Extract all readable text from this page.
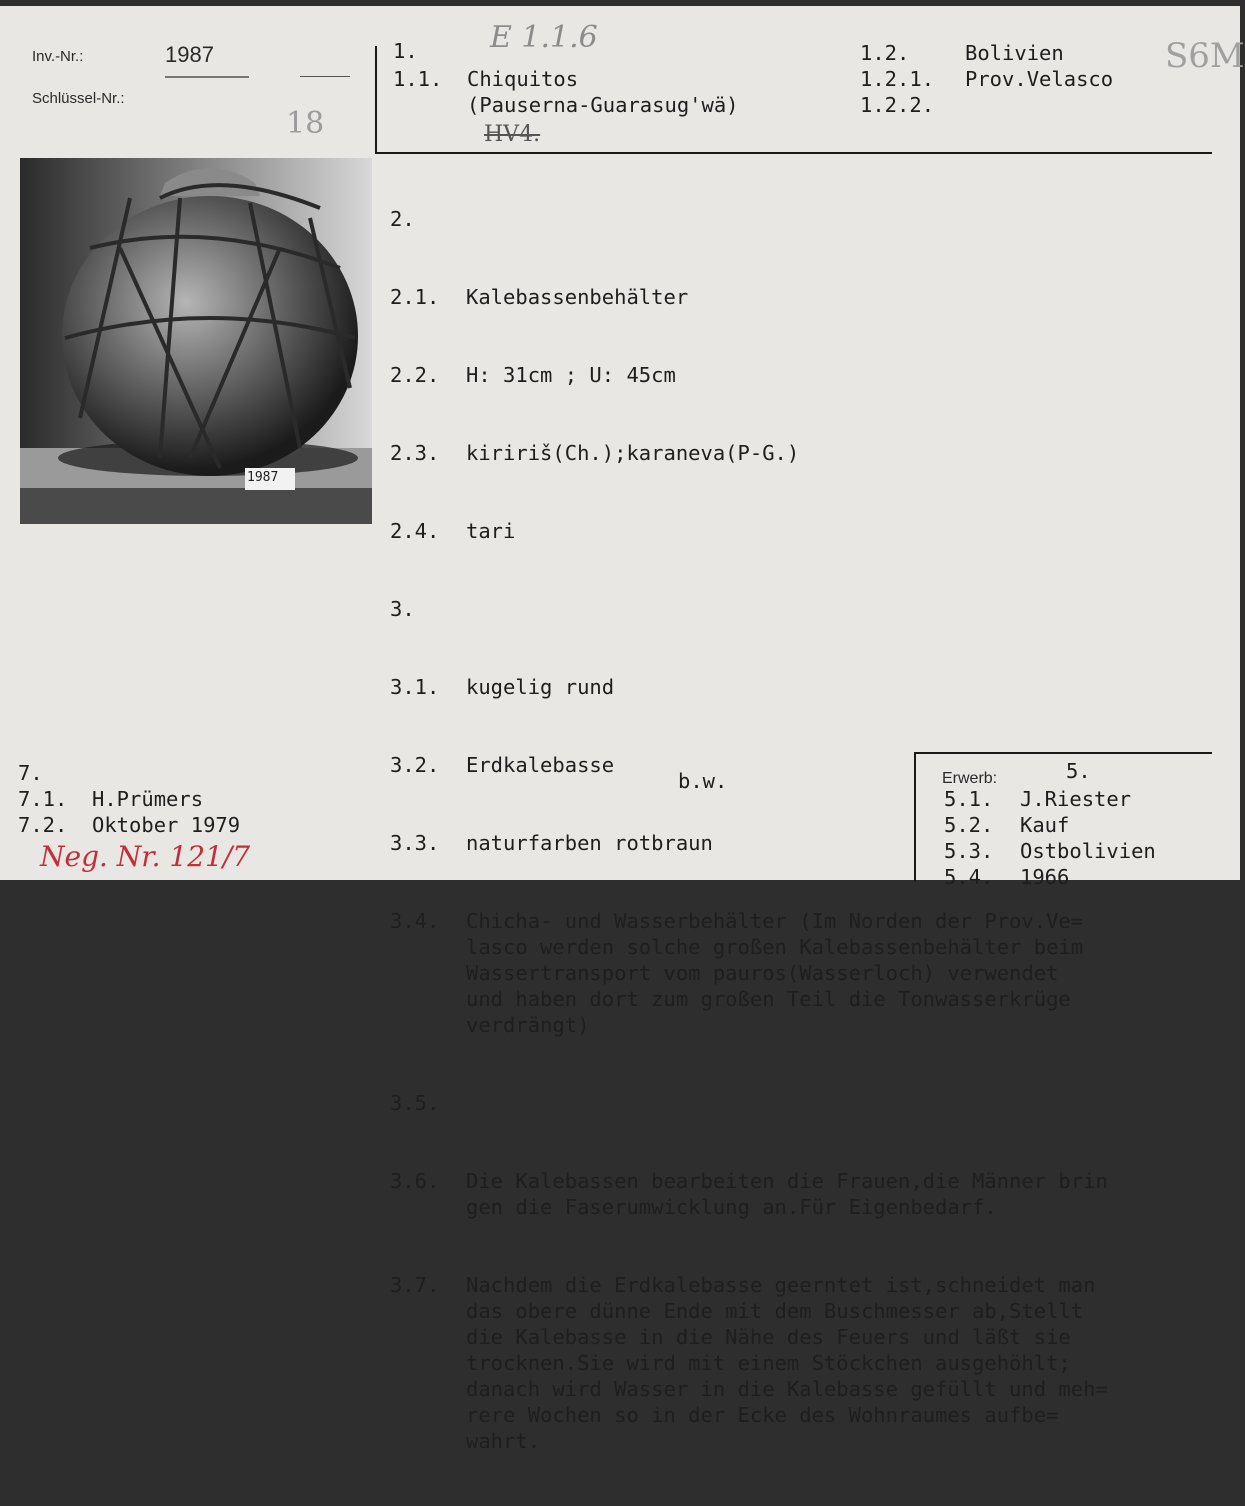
Inv.-Nr.:	1987
Schlüssel-Nr.:
18
1. E 1.1.6
1.1. Chiquitos
(Pauserna-Guarasug'wä)
HV4.
1.2.	Bolivien
1.2.1. Prov.Velasco
1.2.2.
S6M
1987

2.

2.1.	Kalebassenbehälter

2.2.	H: 31cm ; U: 45cm

2.3.	kiririš(Ch.);karaneva(P-G.)

2.4.	tari

3.

3.1.	kugelig rund

3.2.	Erdkalebasse

3.3.	naturfarben rotbraun

3.4.	Chicha- und Wasserbehälter (Im Norden der Prov.Ve=
lasco werden solche großen Kalebassenbehälter beim
Wassertransport vom pauros(Wasserloch) verwendet
und haben dort zum großen Teil die Tonwasserkrüge
verdrängt)

3.5.

3.6.	Die Kalebassen bearbeiten die Frauen,die Männer brin
gen die Faserumwicklung an.Für Eigenbedarf.

3.7.	Nachdem die Erdkalebasse geerntet ist,schneidet man
das obere dünne Ende mit dem Buschmesser ab,Stellt
die Kalebasse in die Nähe des Feuers und läßt sie
trocknen.Sie wird mit einem Stöckchen ausgehöhlt;
danach wird Wasser in die Kalebasse gefüllt und meh=
rere Wochen so in der Ecke des Wohnraumes aufbe=
wahrt.

b.w.
7.
7.1. H.Prümers
7.2. Oktober 1979
Neg. Nr. 121/7
Erwerb:	5.
5.1. J.Riester
5.2. Kauf
5.3. Ostbolivien
5.4. 1966
